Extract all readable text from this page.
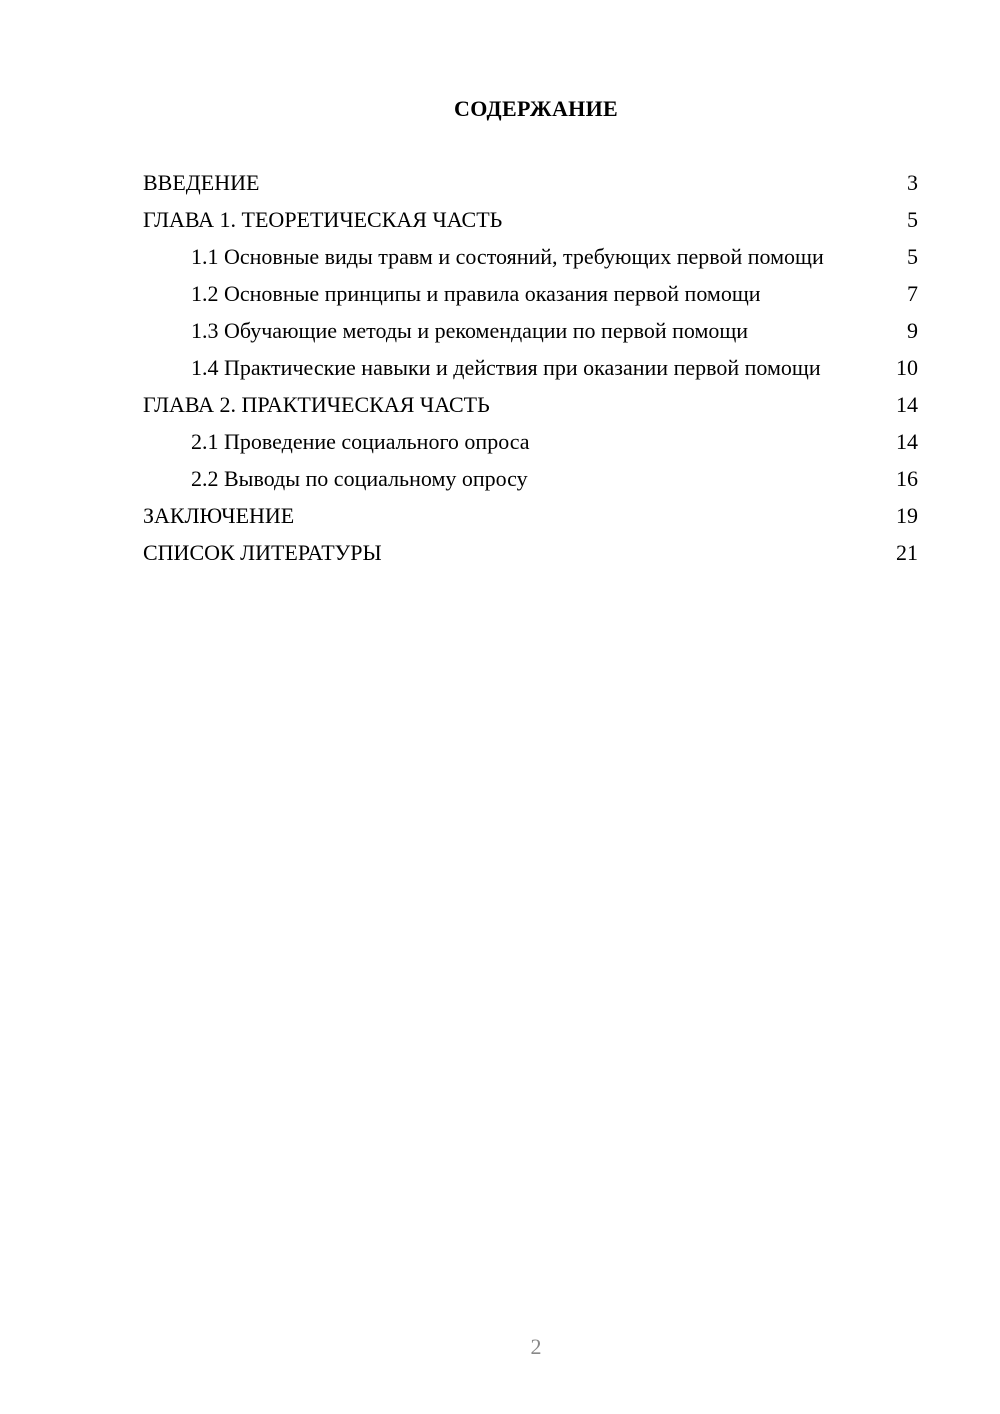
СОДЕРЖАНИЕ
ВВЕДЕНИЕ	3
ГЛАВА 1. ТЕОРЕТИЧЕСКАЯ ЧАСТЬ	5
1.1 Основные виды травм и состояний, требующих первой помощи	5
1.2 Основные принципы и правила оказания первой помощи	7
1.3 Обучающие методы и рекомендации по первой помощи	9
1.4 Практические навыки и действия при оказании первой помощи	10
ГЛАВА 2. ПРАКТИЧЕСКАЯ ЧАСТЬ	14
2.1 Проведение социального опроса	14
2.2 Выводы по социальному опросу	16
ЗАКЛЮЧЕНИЕ	19
СПИСОК ЛИТЕРАТУРЫ	21
2
